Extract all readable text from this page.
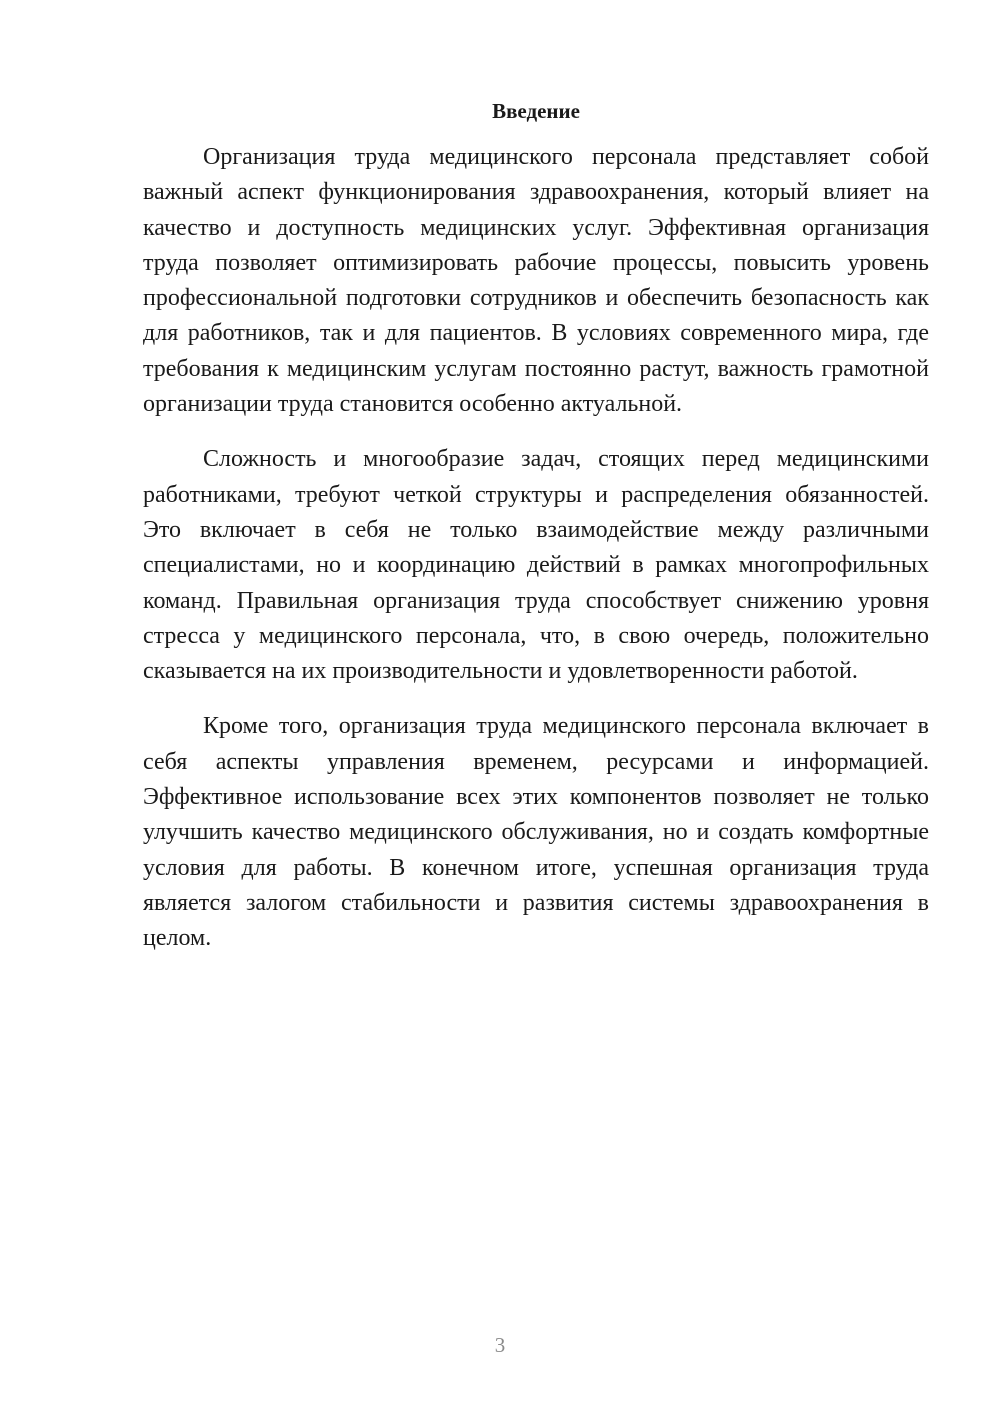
Введение

Организация труда медицинского персонала представляет собой важный аспект функционирования здравоохранения, который влияет на качество и доступность медицинских услуг. Эффективная организация труда позволяет оптимизировать рабочие процессы, повысить уровень профессиональной подготовки сотрудников и обеспечить безопасность как для работников, так и для пациентов. В условиях современного мира, где требования к медицинским услугам постоянно растут, важность грамотной организации труда становится особенно актуальной.

Сложность и многообразие задач, стоящих перед медицинскими работниками, требуют четкой структуры и распределения обязанностей. Это включает в себя не только взаимодействие между различными специалистами, но и координацию действий в рамках многопрофильных команд. Правильная организация труда способствует снижению уровня стресса у медицинского персонала, что, в свою очередь, положительно сказывается на их производительности и удовлетворенности работой.

Кроме того, организация труда медицинского персонала включает в себя аспекты управления временем, ресурсами и информацией. Эффективное использование всех этих компонентов позволяет не только улучшить качество медицинского обслуживания, но и создать комфортные условия для работы. В конечном итоге, успешная организация труда является залогом стабильности и развития системы здравоохранения в целом.

3
